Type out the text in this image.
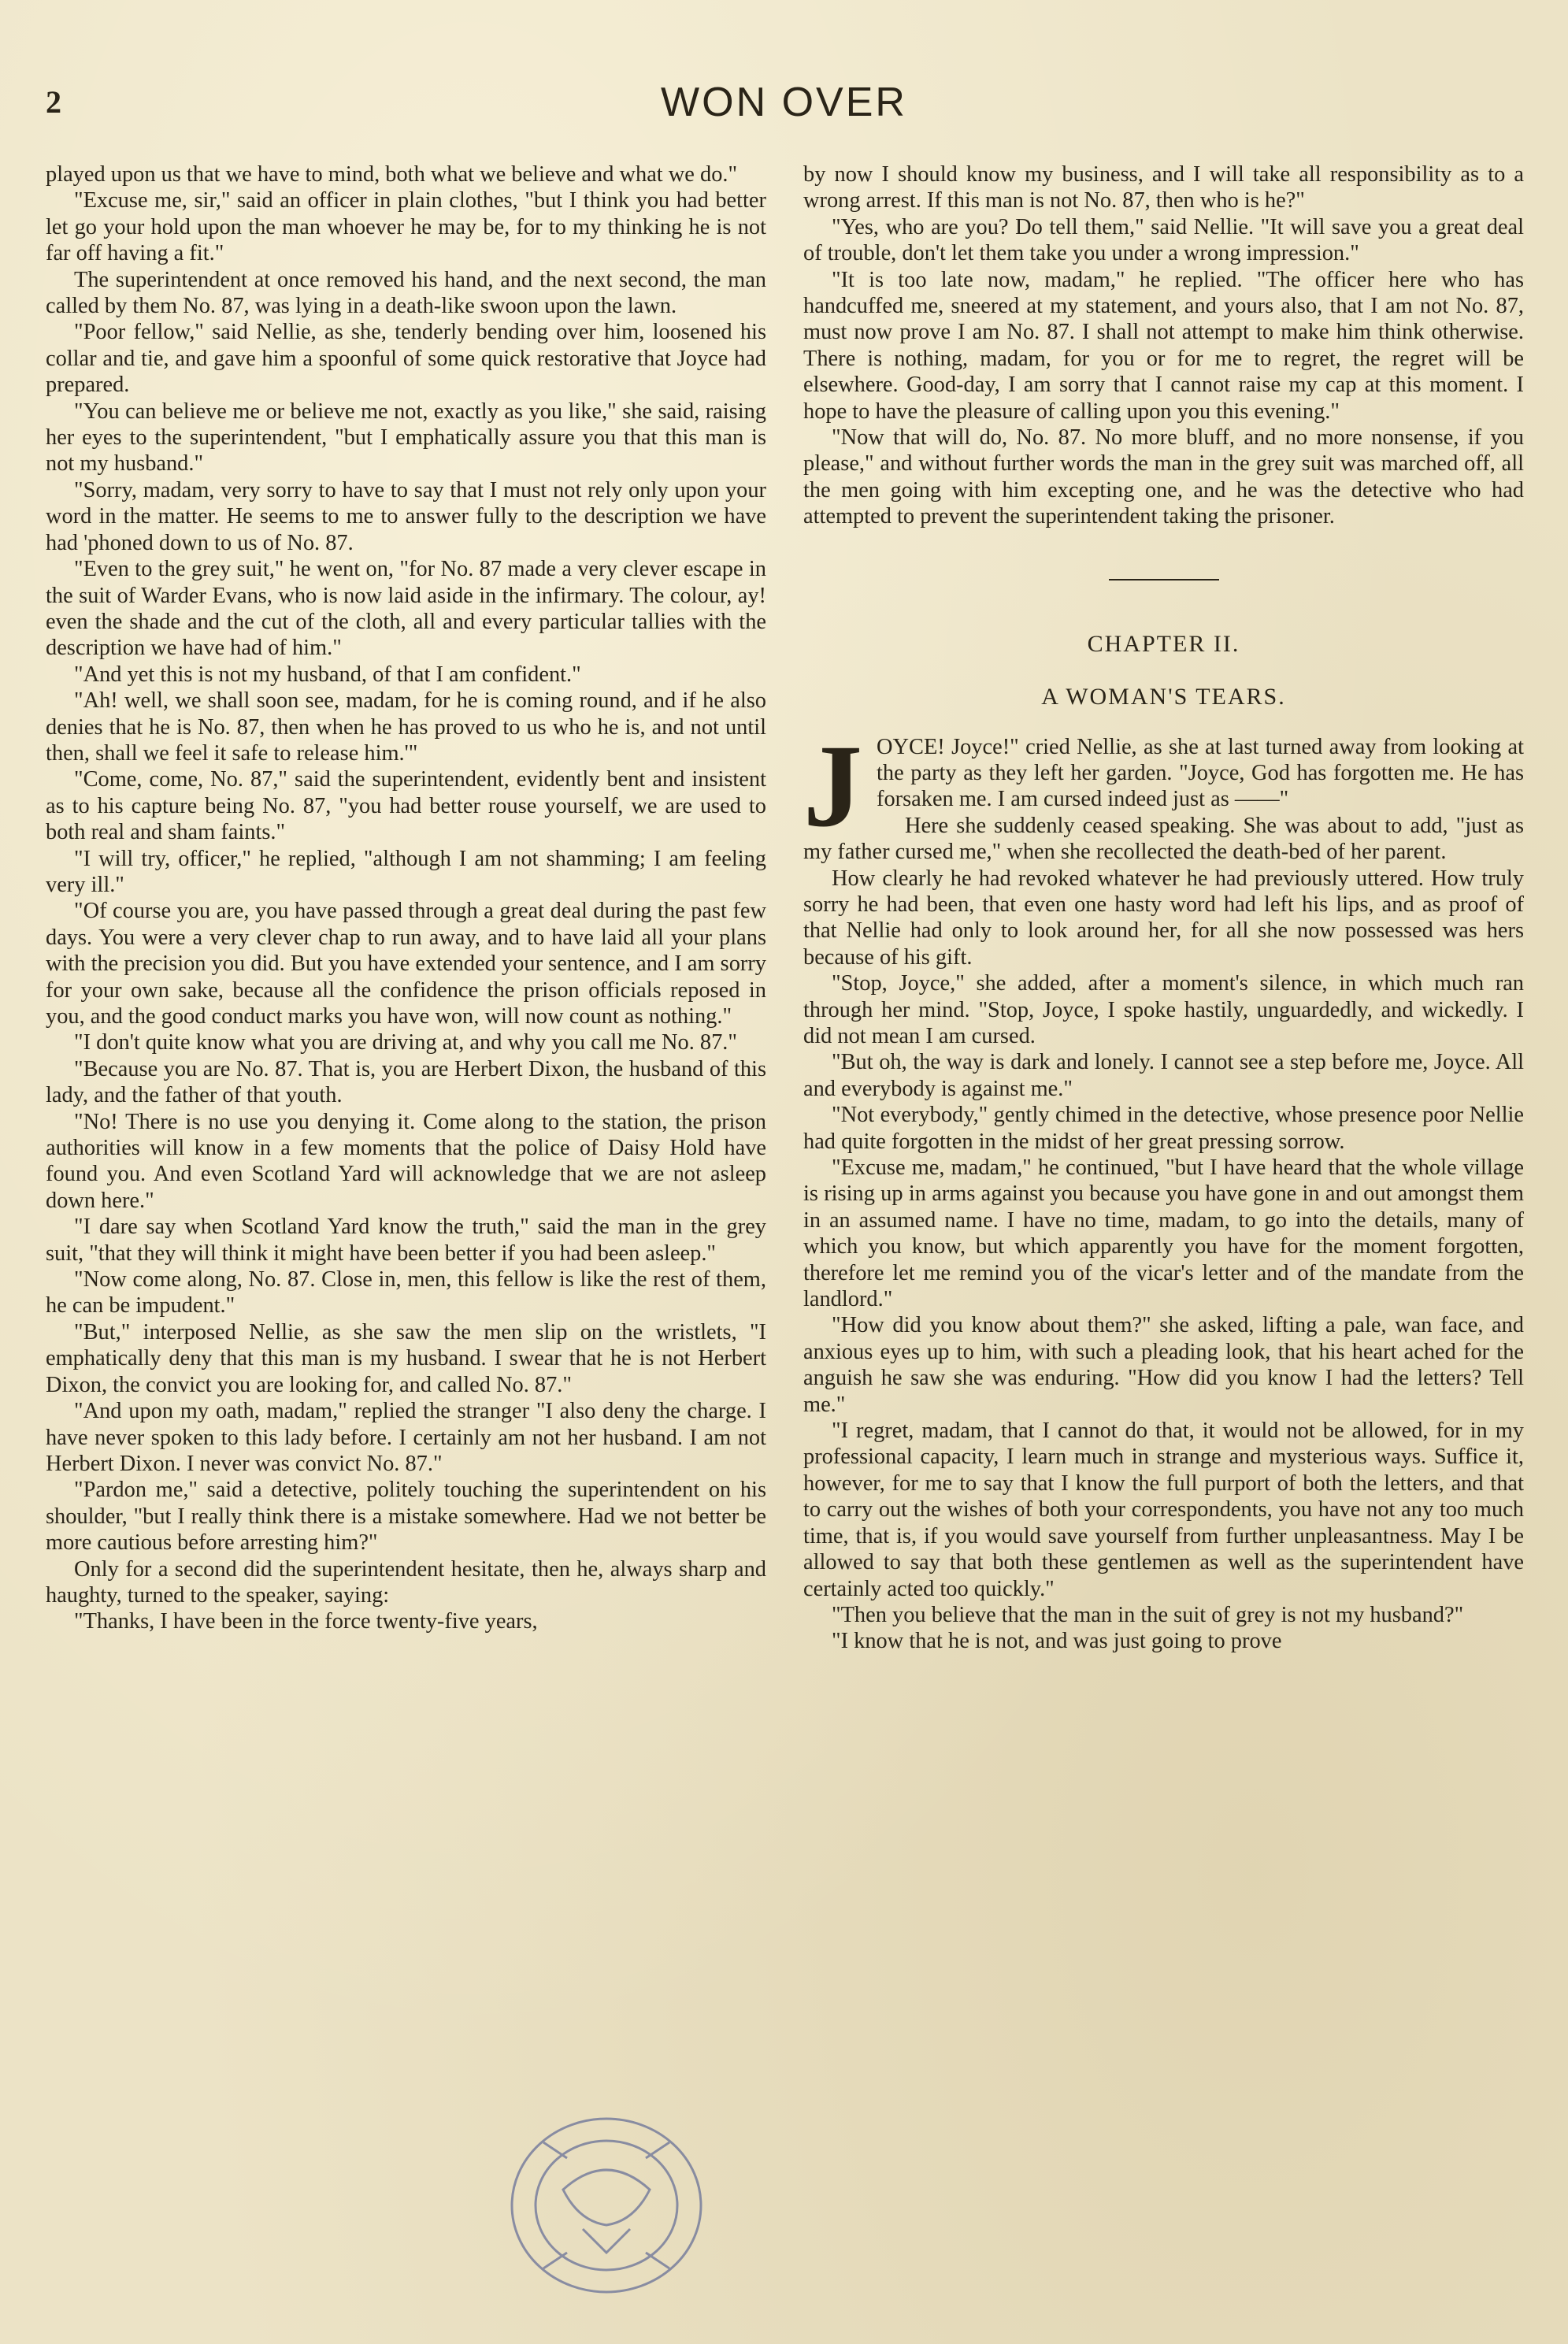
2	WON OVER

played upon us that we have to mind, both what we believe and what we do."

"Excuse me, sir," said an officer in plain clothes, "but I think you had better let go your hold upon the man whoever he may be, for to my thinking he is not far off having a fit."

The superintendent at once removed his hand, and the next second, the man called by them No. 87, was lying in a death-like swoon upon the lawn.

"Poor fellow," said Nellie, as she, tenderly bending over him, loosened his collar and tie, and gave him a spoonful of some quick restorative that Joyce had prepared.

"You can believe me or believe me not, exactly as you like," she said, raising her eyes to the superintendent, "but I emphatically assure you that this man is not my husband."

"Sorry, madam, very sorry to have to say that I must not rely only upon your word in the matter. He seems to me to answer fully to the description we have had 'phoned down to us of No. 87.

"Even to the grey suit," he went on, "for No. 87 made a very clever escape in the suit of Warder Evans, who is now laid aside in the infirmary. The colour, ay! even the shade and the cut of the cloth, all and every particular tallies with the description we have had of him."

"And yet this is not my husband, of that I am confident."

"Ah! well, we shall soon see, madam, for he is coming round, and if he also denies that he is No. 87, then when he has proved to us who he is, and not until then, shall we feel it safe to release him.'"

"Come, come, No. 87," said the superintendent, evidently bent and insistent as to his capture being No. 87, "you had better rouse yourself, we are used to both real and sham faints."

"I will try, officer," he replied, "although I am not shamming; I am feeling very ill."

"Of course you are, you have passed through a great deal during the past few days. You were a very clever chap to run away, and to have laid all your plans with the precision you did. But you have extended your sentence, and I am sorry for your own sake, because all the confidence the prison officials reposed in you, and the good conduct marks you have won, will now count as nothing."

"I don't quite know what you are driving at, and why you call me No. 87."

"Because you are No. 87. That is, you are Herbert Dixon, the husband of this lady, and the father of that youth.

"No! There is no use you denying it. Come along to the station, the prison authorities will know in a few moments that the police of Daisy Hold have found you. And even Scotland Yard will acknowledge that we are not asleep down here."

"I dare say when Scotland Yard know the truth," said the man in the grey suit, "that they will think it might have been better if you had been asleep."

"Now come along, No. 87. Close in, men, this fellow is like the rest of them, he can be impudent."

"But," interposed Nellie, as she saw the men slip on the wristlets, "I emphatically deny that this man is my husband. I swear that he is not Herbert Dixon, the convict you are looking for, and called No. 87."

"And upon my oath, madam," replied the stranger "I also deny the charge. I have never spoken to this lady before. I certainly am not her husband. I am not Herbert Dixon. I never was convict No. 87."

"Pardon me," said a detective, politely touching the superintendent on his shoulder, "but I really think there is a mistake somewhere. Had we not better be more cautious before arresting him?"

Only for a second did the superintendent hesitate, then he, always sharp and haughty, turned to the speaker, saying:

"Thanks, I have been in the force twenty-five years,

by now I should know my business, and I will take all responsibility as to a wrong arrest. If this man is not No. 87, then who is he?"

"Yes, who are you? Do tell them," said Nellie. "It will save you a great deal of trouble, don't let them take you under a wrong impression."

"It is too late now, madam," he replied. "The officer here who has handcuffed me, sneered at my statement, and yours also, that I am not No. 87, must now prove I am No. 87. I shall not attempt to make him think otherwise. There is nothing, madam, for you or for me to regret, the regret will be elsewhere. Good-day, I am sorry that I cannot raise my cap at this moment. I hope to have the pleasure of calling upon you this evening."

"Now that will do, No. 87. No more bluff, and no more nonsense, if you please," and without further words the man in the grey suit was marched off, all the men going with him excepting one, and he was the detective who had attempted to prevent the superintendent taking the prisoner.

CHAPTER II.
A WOMAN'S TEARS.

JOYCE! Joyce!" cried Nellie, as she at last turned away from looking at the party as they left her garden. "Joyce, God has forgotten me. He has forsaken me. I am cursed indeed just as ——"

Here she suddenly ceased speaking. She was about to add, "just as my father cursed me," when she recollected the death-bed of her parent.

How clearly he had revoked whatever he had previously uttered. How truly sorry he had been, that even one hasty word had left his lips, and as proof of that Nellie had only to look around her, for all she now possessed was hers because of his gift.

"Stop, Joyce," she added, after a moment's silence, in which much ran through her mind. "Stop, Joyce, I spoke hastily, unguardedly, and wickedly. I did not mean I am cursed.

"But oh, the way is dark and lonely. I cannot see a step before me, Joyce. All and everybody is against me."

"Not everybody," gently chimed in the detective, whose presence poor Nellie had quite forgotten in the midst of her great pressing sorrow.

"Excuse me, madam," he continued, "but I have heard that the whole village is rising up in arms against you because you have gone in and out amongst them in an assumed name. I have no time, madam, to go into the details, many of which you know, but which apparently you have for the moment forgotten, therefore let me remind you of the vicar's letter and of the mandate from the landlord."

"How did you know about them?" she asked, lifting a pale, wan face, and anxious eyes up to him, with such a pleading look, that his heart ached for the anguish he saw she was enduring. "How did you know I had the letters? Tell me."

"I regret, madam, that I cannot do that, it would not be allowed, for in my professional capacity, I learn much in strange and mysterious ways. Suffice it, however, for me to say that I know the full purport of both the letters, and that to carry out the wishes of both your correspondents, you have not any too much time, that is, if you would save yourself from further unpleasantness. May I be allowed to say that both these gentlemen as well as the superintendent have certainly acted too quickly."

"Then you believe that the man in the suit of grey is not my husband?"

"I know that he is not, and was just going to prove
